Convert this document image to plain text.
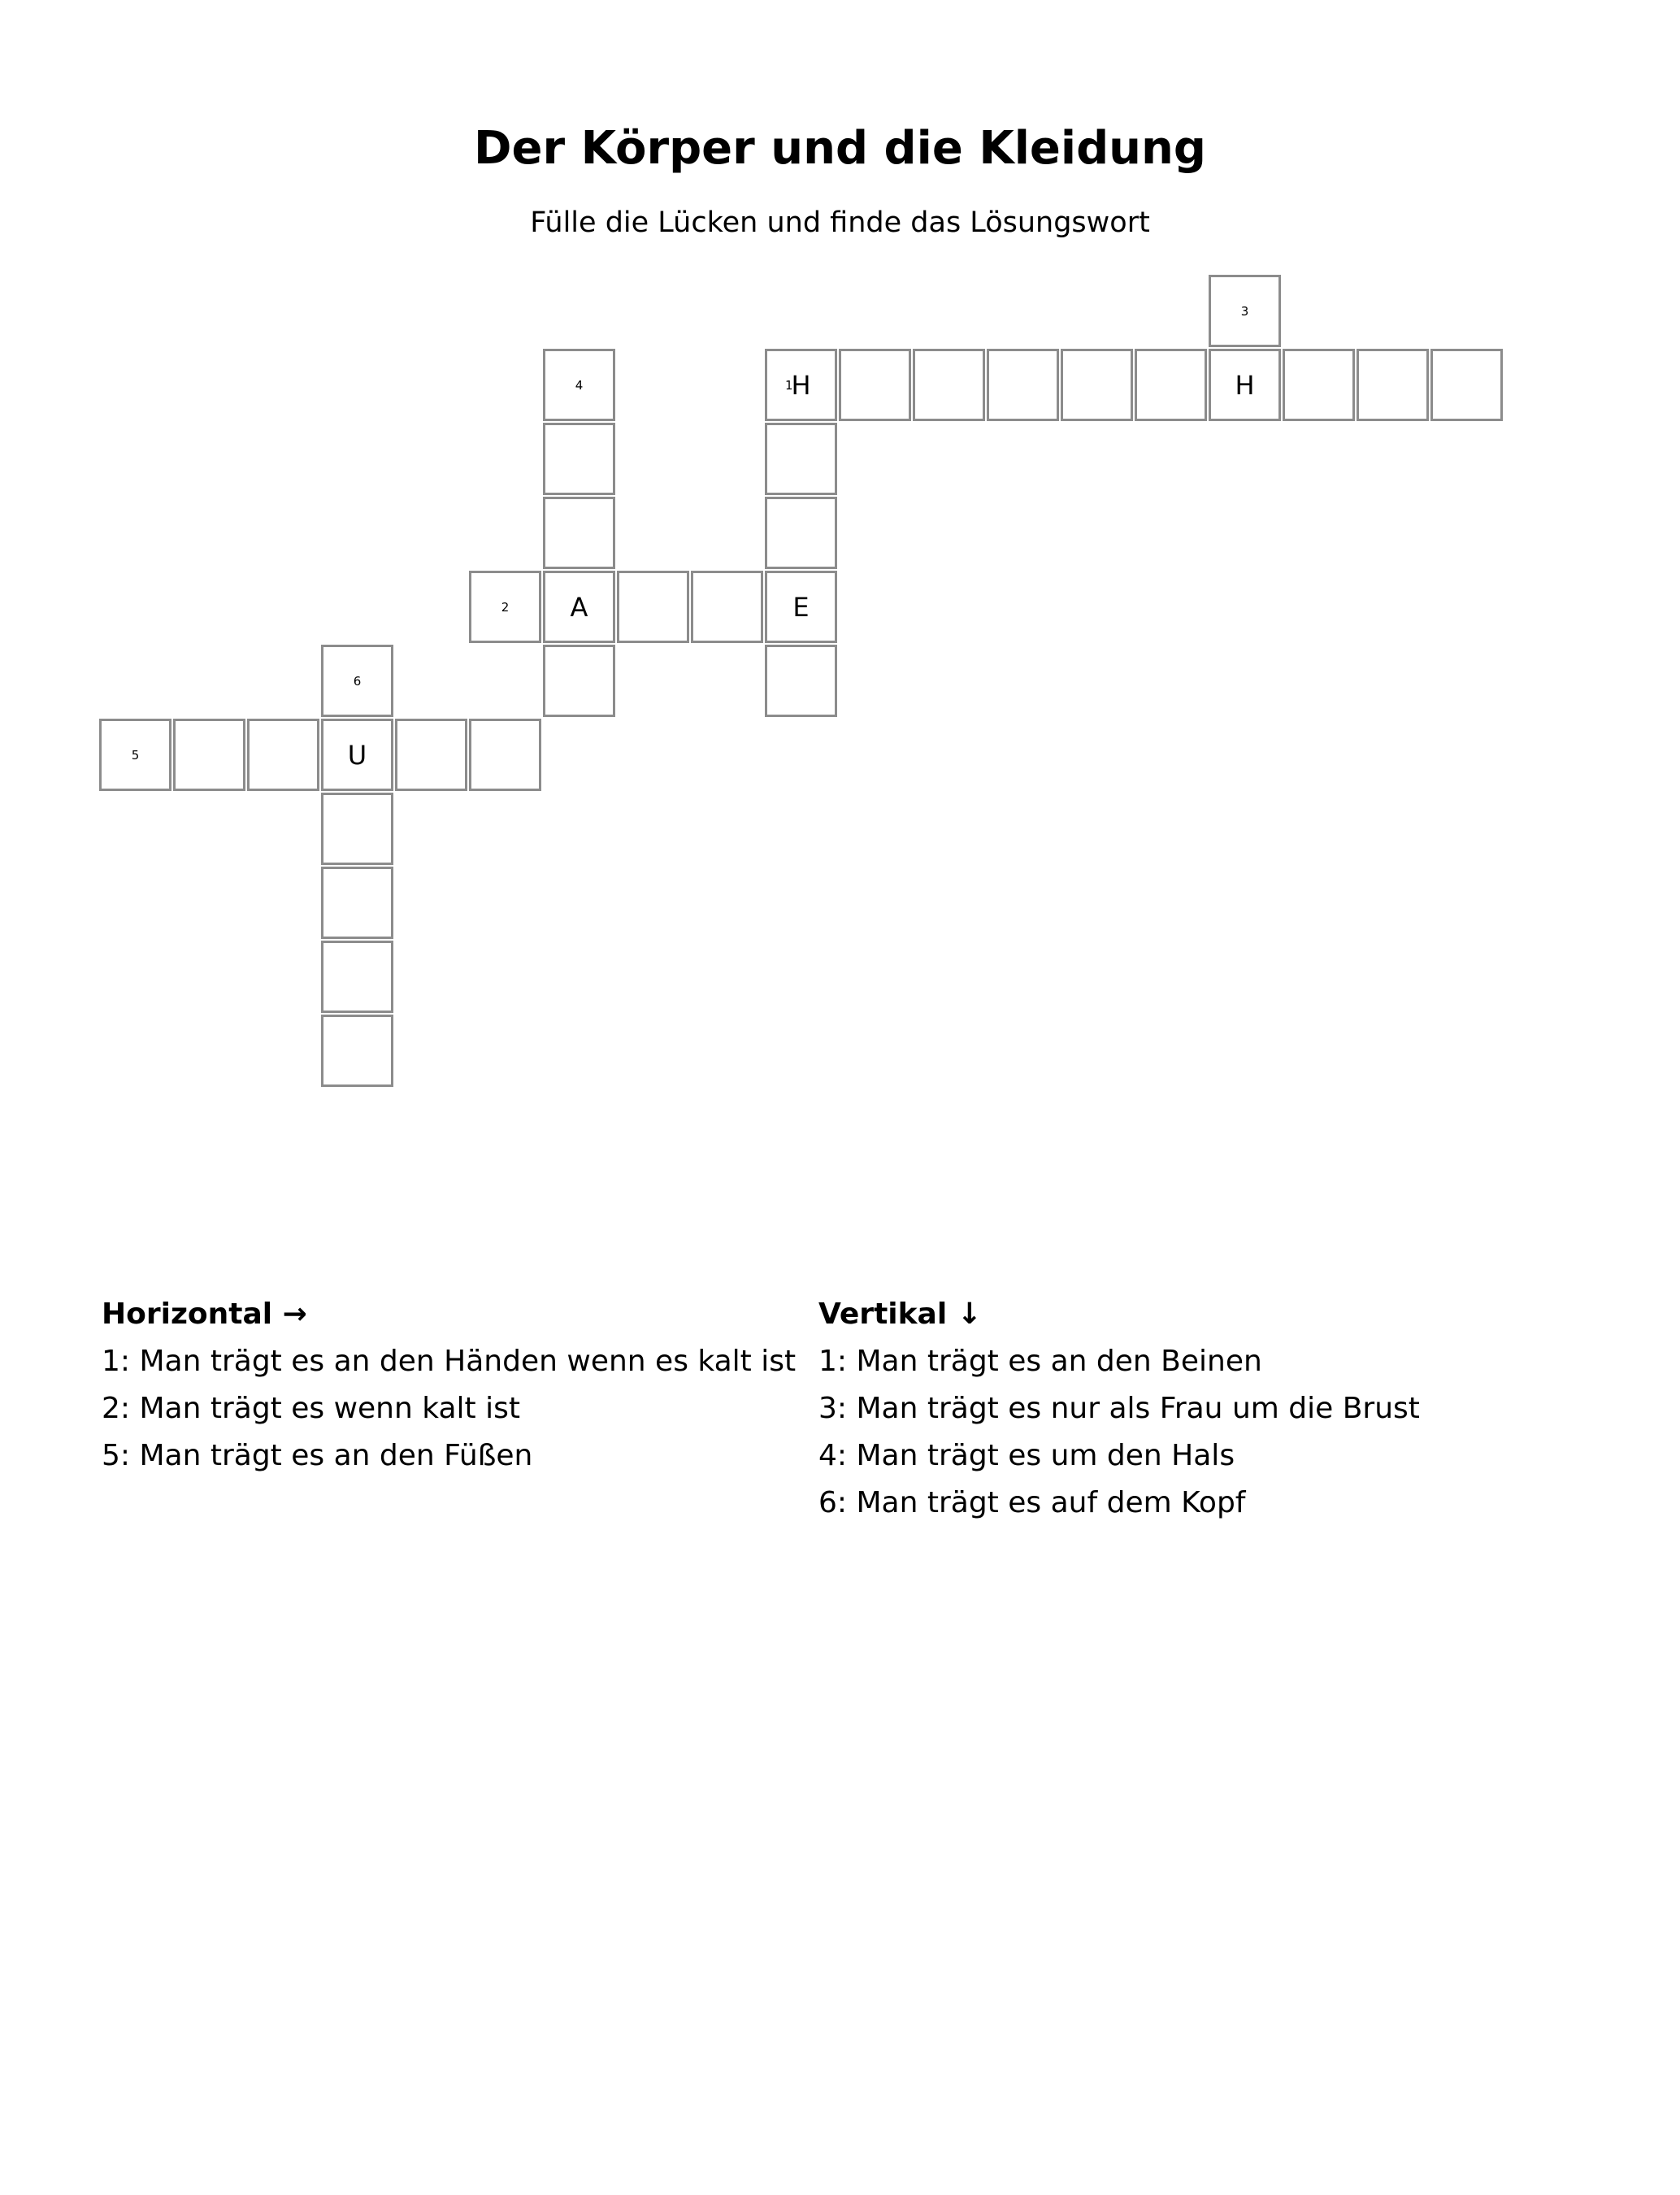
Der Körper und die Kleidung

Fülle die Lücken und finde das Lösungswort

3
4	1
H	H
2	A	E
6
5	U
Horizontal →

1: Man trägt es an den Händen wenn es kalt ist

2: Man trägt es wenn kalt ist

5: Man trägt es an den Füßen

Vertikal ↓

1: Man trägt es an den Beinen

3: Man trägt es nur als Frau um die Brust

4: Man trägt es um den Hals

6: Man trägt es auf dem Kopf
